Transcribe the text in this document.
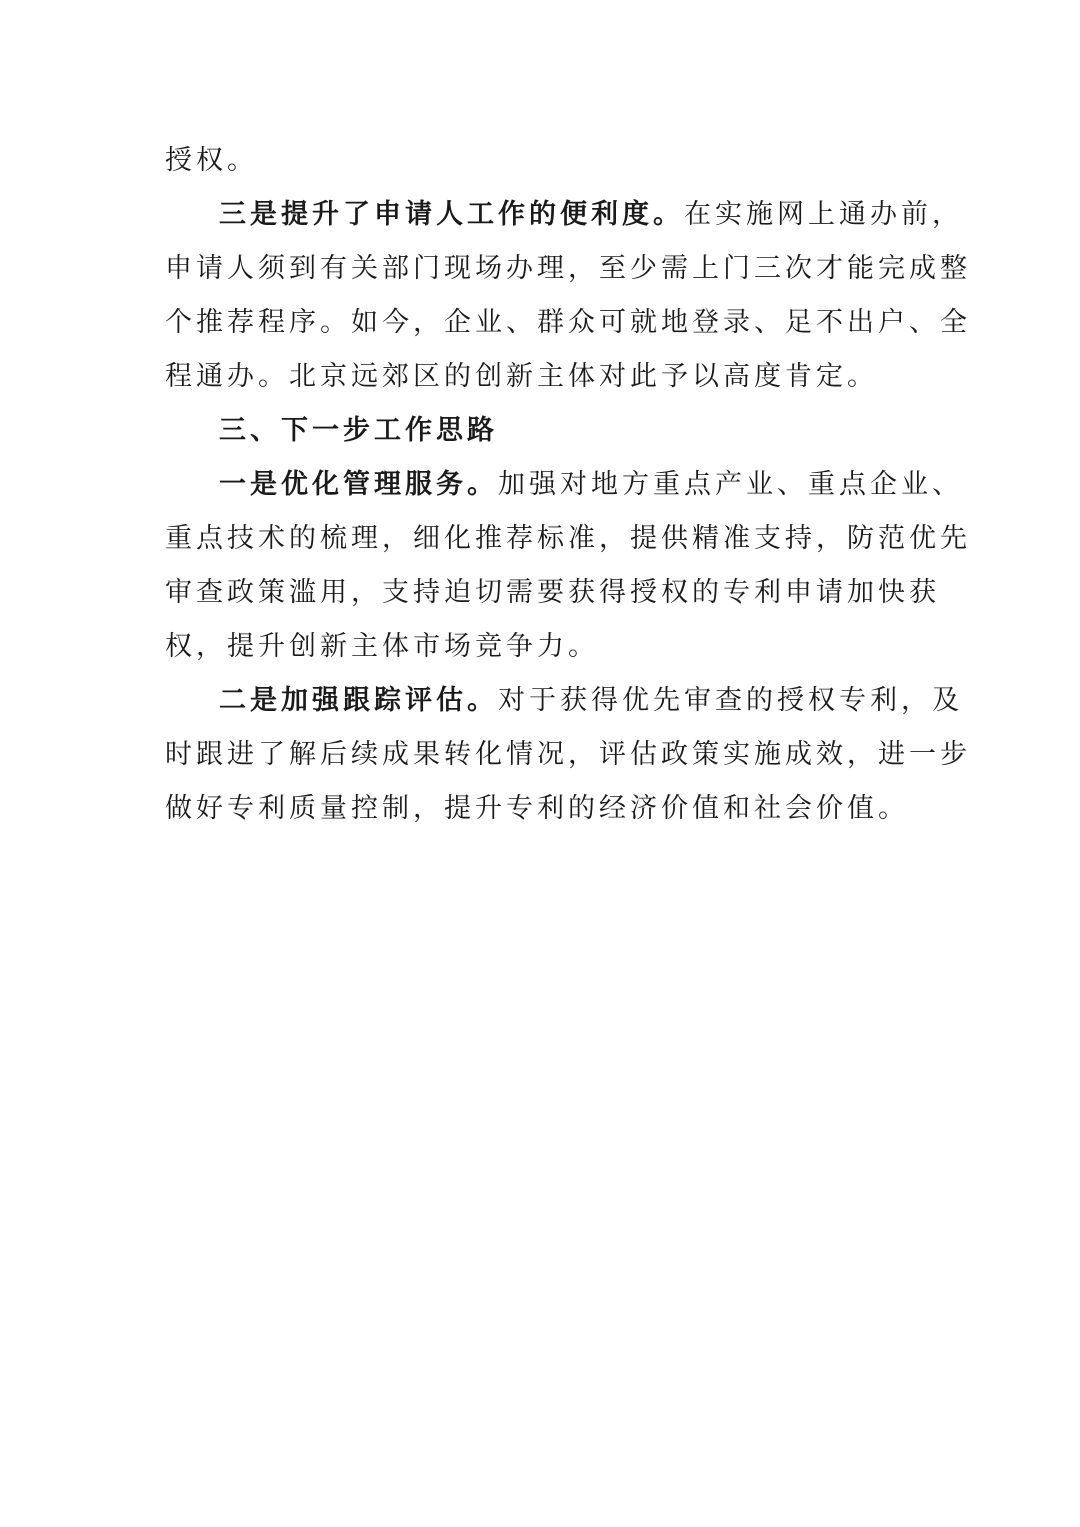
授权。

三是提升了申请人工作的便利度。在实施网上通办前，
申请人须到有关部门现场办理，至少需上门三次才能完成整
个推荐程序。如今，企业、群众可就地登录、足不出户、全
程通办。北京远郊区的创新主体对此予以高度肯定。

三、下一步工作思路

一是优化管理服务。加强对地方重点产业、重点企业、
重点技术的梳理，细化推荐标准，提供精准支持，防范优先
审查政策滥用，支持迫切需要获得授权的专利申请加快获
权，提升创新主体市场竞争力。

二是加强跟踪评估。对于获得优先审查的授权专利，及
时跟进了解后续成果转化情况，评估政策实施成效，进一步
做好专利质量控制，提升专利的经济价值和社会价值。
